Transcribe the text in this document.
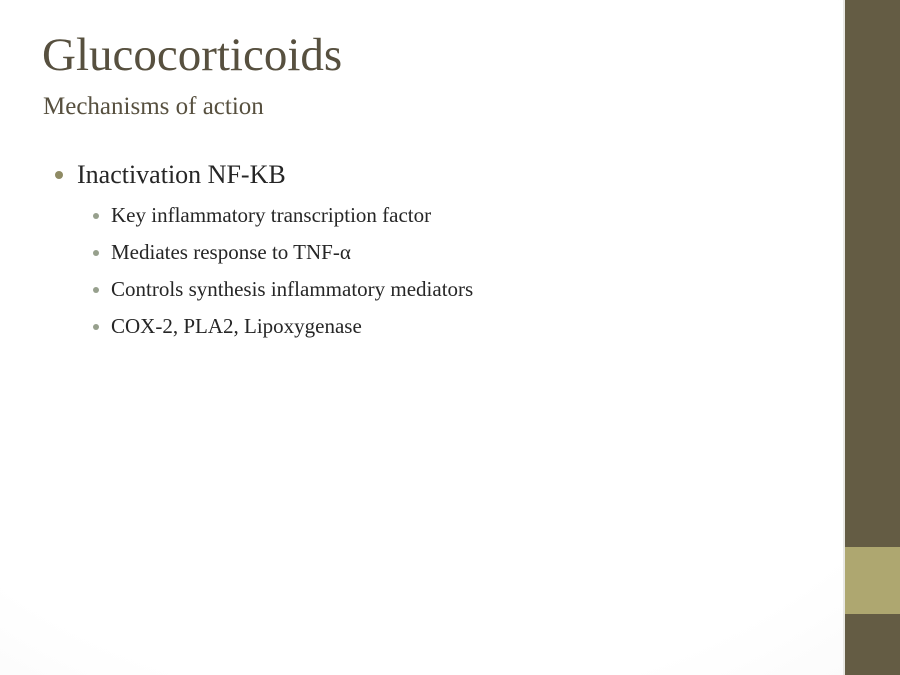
Glucocorticoids
Mechanisms of action
Inactivation NF-KB
Key inflammatory transcription factor
Mediates response to TNF-α
Controls synthesis inflammatory mediators
COX-2, PLA2, Lipoxygenase
